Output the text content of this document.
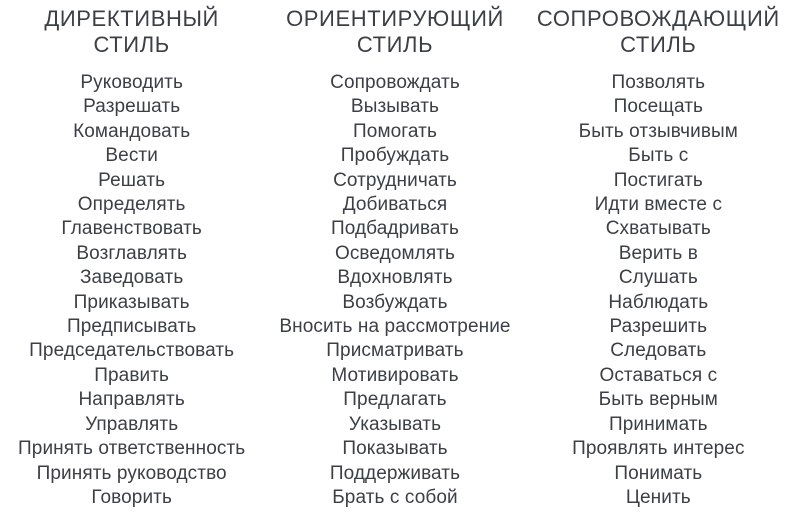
ДИРЕКТИВНЫЙ
СТИЛЬ
Руководить
Разрешать
Командовать
Вести
Решать
Определять
Главенствовать
Возглавлять
Заведовать
Приказывать
Предписывать
Председательствовать
Править
Направлять
Управлять
Принять ответственность
Принять руководство
Говорить
ОРИЕНТИРУЮЩИЙ
СТИЛЬ
Сопровождать
Вызывать
Помогать
Пробуждать
Сотрудничать
Добиваться
Подбадривать
Осведомлять
Вдохновлять
Возбуждать
Вносить на рассмотрение
Присматривать
Мотивировать
Предлагать
Указывать
Показывать
Поддерживать
Брать с собой
СОПРОВОЖДАЮЩИЙ
СТИЛЬ
Позволять
Посещать
Быть отзывчивым
Быть с
Постигать
Идти вместе с
Схватывать
Верить в
Слушать
Наблюдать
Разрешить
Следовать
Оставаться с
Быть верным
Принимать
Проявлять интерес
Понимать
Ценить
